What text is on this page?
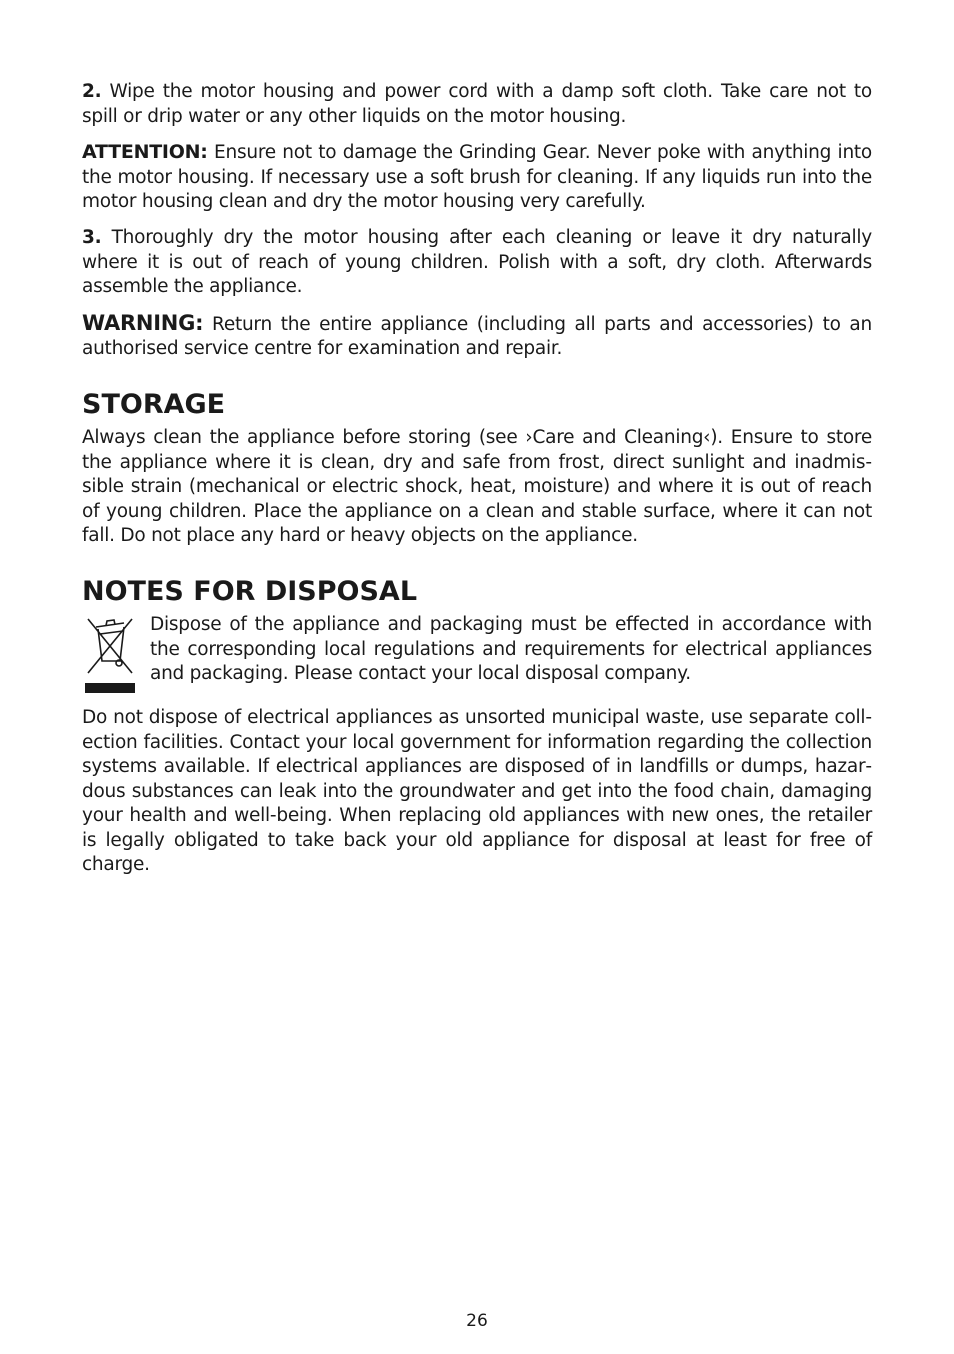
2. Wipe the motor housing and power cord with a damp soft cloth. Take care not to spill or drip water or any other liquids on the motor housing.

ATTENTION: Ensure not to damage the Grinding Gear. Never poke with anything into the motor housing. If necessary use a soft brush for cleaning. If any liquids run into the motor housing clean and dry the motor housing very carefully.

3. Thoroughly dry the motor housing after each cleaning or leave it dry naturally where it is out of reach of young children. Polish with a soft, dry cloth. Afterwards assemble the appliance.

WARNING: Return the entire appliance (including all parts and accessories) to an authorised service centre for examination and repair.

STORAGE

Always clean the appliance before storing (see ›Care and Cleaning‹). Ensure to store the appliance where it is clean, dry and safe from frost, direct sunlight and inadmissible strain (mechanical or electric shock, heat, moisture) and where it is out of reach of young children. Place the appliance on a clean and stable surface, where it can not fall. Do not place any hard or heavy objects on the appliance.

NOTES FOR DISPOSAL

Dispose of the appliance and packaging must be effected in accordance with the corresponding local regulations and requirements for electrical appliances and packaging. Please contact your local disposal company.

Do not dispose of electrical appliances as unsorted municipal waste, use separate collection facilities. Contact your local government for information regarding the collection systems available. If electrical appliances are disposed of in landfills or dumps, hazardous substances can leak into the groundwater and get into the food chain, damaging your health and well-being. When replacing old appliances with new ones, the retailer is legally obligated to take back your old appliance for disposal at least for free of charge.

26
